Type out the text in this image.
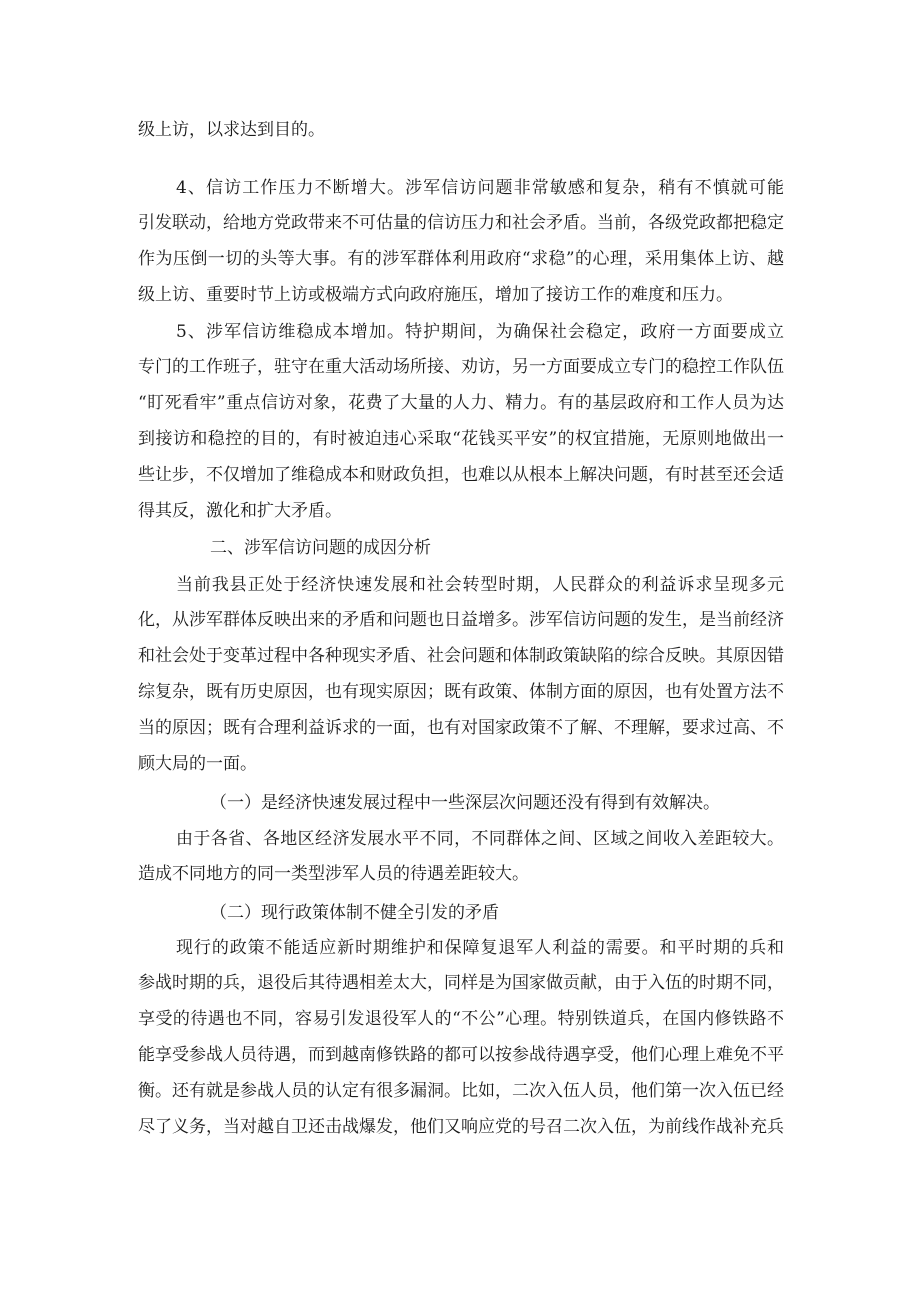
级上访，以求达到目的。
4、信访工作压力不断增大。涉军信访问题非常敏感和复杂，稍有不慎就可能
引发联动，给地方党政带来不可估量的信访压力和社会矛盾。当前，各级党政都把稳定
作为压倒一切的头等大事。有的涉军群体利用政府“求稳”的心理，采用集体上访、越
级上访、重要时节上访或极端方式向政府施压，增加了接访工作的难度和压力。
5、涉军信访维稳成本增加。特护期间，为确保社会稳定，政府一方面要成立
专门的工作班子，驻守在重大活动场所接、劝访，另一方面要成立专门的稳控工作队伍
“盯死看牢”重点信访对象，花费了大量的人力、精力。有的基层政府和工作人员为达
到接访和稳控的目的，有时被迫违心采取“花钱买平安”的权宜措施，无原则地做出一
些让步，不仅增加了维稳成本和财政负担，也难以从根本上解决问题，有时甚至还会适
得其反，激化和扩大矛盾。
二、涉军信访问题的成因分析
当前我县正处于经济快速发展和社会转型时期，人民群众的利益诉求呈现多元
化，从涉军群体反映出来的矛盾和问题也日益增多。涉军信访问题的发生，是当前经济
和社会处于变革过程中各种现实矛盾、社会问题和体制政策缺陷的综合反映。其原因错
综复杂，既有历史原因，也有现实原因；既有政策、体制方面的原因，也有处置方法不
当的原因；既有合理利益诉求的一面，也有对国家政策不了解、不理解，要求过高、不
顾大局的一面。
（一）是经济快速发展过程中一些深层次问题还没有得到有效解决。
由于各省、各地区经济发展水平不同，不同群体之间、区域之间收入差距较大。
造成不同地方的同一类型涉军人员的待遇差距较大。
（二）现行政策体制不健全引发的矛盾
现行的政策不能适应新时期维护和保障复退军人利益的需要。和平时期的兵和
参战时期的兵，退役后其待遇相差太大，同样是为国家做贡献，由于入伍的时期不同，
享受的待遇也不同，容易引发退役军人的“不公”心理。特别铁道兵，在国内修铁路不
能享受参战人员待遇，而到越南修铁路的都可以按参战待遇享受，他们心理上难免不平
衡。还有就是参战人员的认定有很多漏洞。比如，二次入伍人员，他们第一次入伍已经
尽了义务，当对越自卫还击战爆发，他们又响应党的号召二次入伍，为前线作战补充兵
